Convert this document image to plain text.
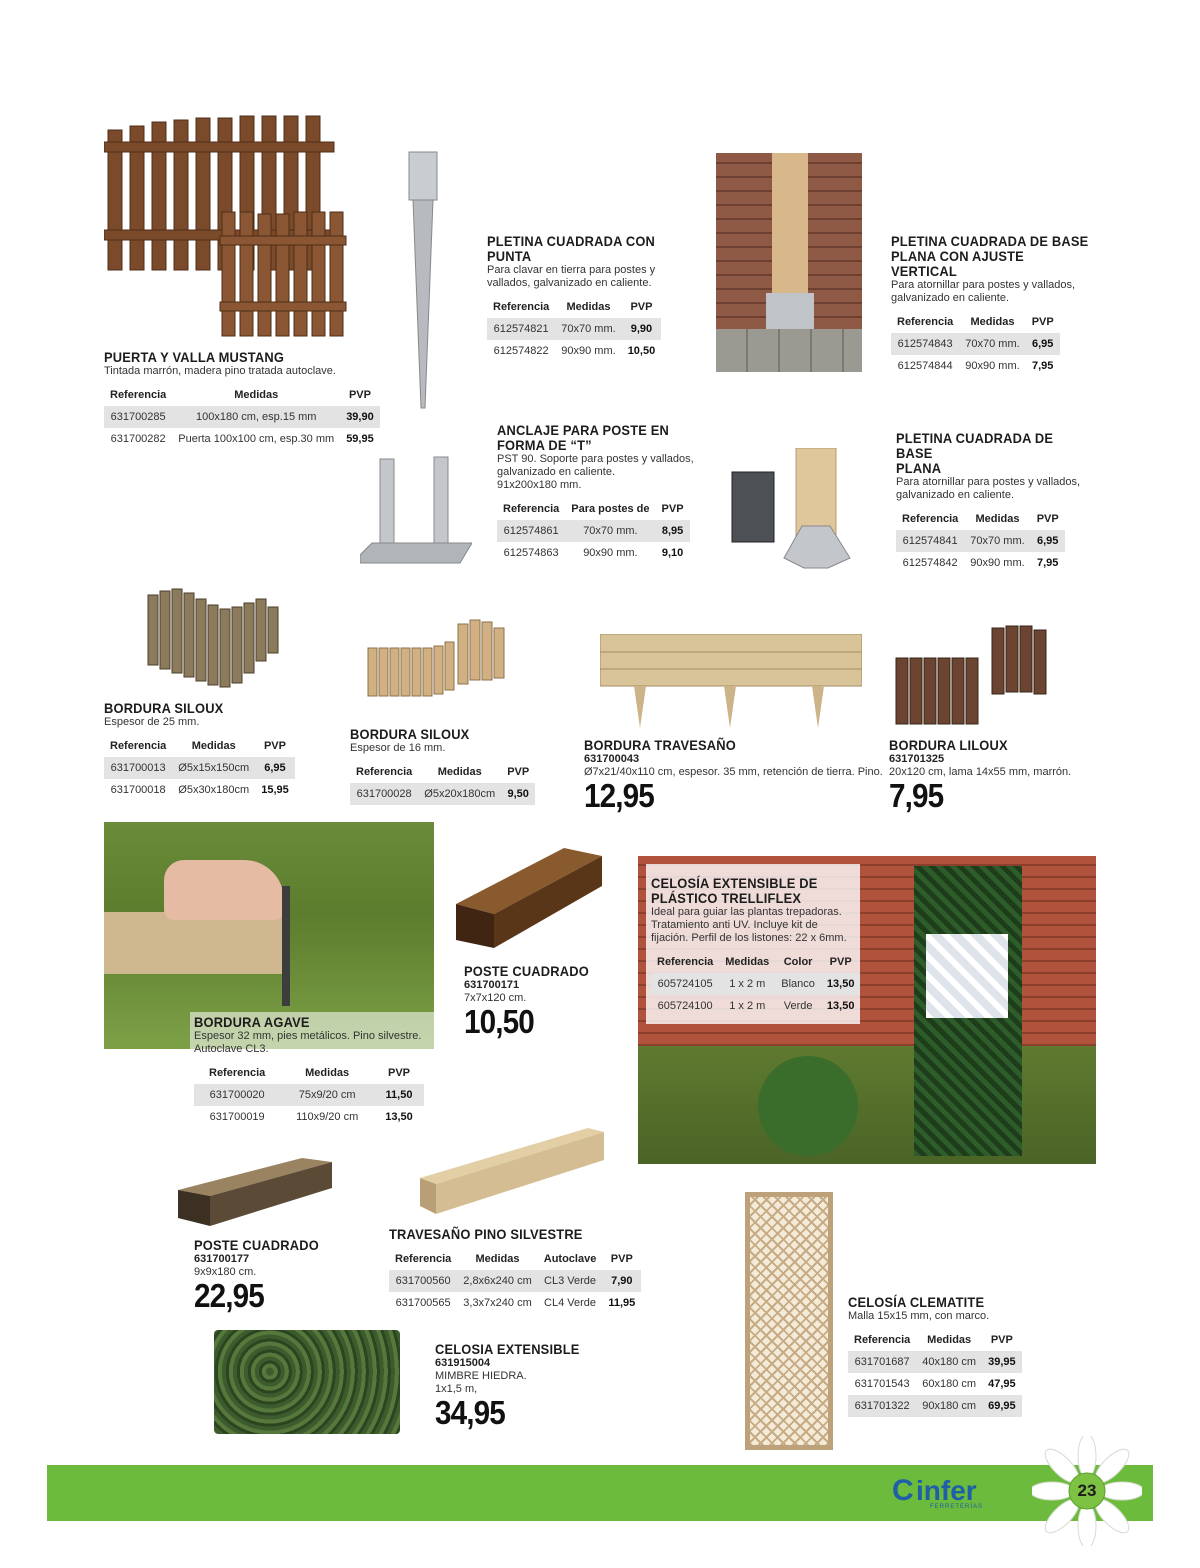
PUERTA Y VALLA MUSTANG
Tintada marrón, madera pino tratada autoclave.
Referencia	Medidas	PVP
631700285	100x180 cm, esp.15 mm	39,90
631700282	Puerta 100x100 cm, esp.30 mm	59,95
PLETINA CUADRADA CON
PUNTA
Para clavar en tierra para postes y
vallados, galvanizado en caliente.
Referencia	Medidas	PVP
612574821	70x70 mm.	9,90
612574822	90x90 mm.	10,50
PLETINA CUADRADA DE BASE
PLANA CON AJUSTE VERTICAL
Para atornillar para postes y vallados,
galvanizado en caliente.
Referencia	Medidas	PVP
612574843	70x70 mm.	6,95
612574844	90x90 mm.	7,95
ANCLAJE PARA POSTE EN
FORMA DE “T”
PST 90. Soporte para postes y vallados,
galvanizado en caliente.
91x200x180 mm.
Referencia	Para postes de	PVP
612574861	70x70 mm.	8,95
612574863	90x90 mm.	9,10
PLETINA CUADRADA DE BASE
PLANA
Para atornillar para postes y vallados,
galvanizado en caliente.
Referencia	Medidas	PVP
612574841	70x70 mm.	6,95
612574842	90x90 mm.	7,95
BORDURA SILOUX
Espesor de 25 mm.
Referencia	Medidas	PVP
631700013	Ø5x15x150cm	6,95
631700018	Ø5x30x180cm	15,95
BORDURA SILOUX
Espesor de 16 mm.
Referencia	Medidas	PVP
631700028	Ø5x20x180cm	9,50
BORDURA TRAVESAÑO
631700043
Ø7x21/40x110 cm, espesor. 35 mm, retención de tierra. Pino.
12,95
BORDURA LILOUX
631701325
20x120 cm, lama 14x55 mm, marrón.
7,95
BORDURA AGAVE
Espesor 32 mm, pies metálicos. Pino silvestre.
Autoclave CL3.
Referencia	Medidas	PVP
631700020	75x9/20 cm	11,50
631700019	110x9/20 cm	13,50
POSTE CUADRADO
631700171
7x7x120 cm.
10,50
CELOSÍA EXTENSIBLE DE
PLÁSTICO TRELLIFLEX
Ideal para guiar las plantas trepadoras.
Tratamiento anti UV. Incluye kit de
fijación. Perfil de los listones: 22 x 6mm.
Referencia	Medidas	Color	PVP
605724105	1 x 2 m	Blanco	13,50
605724100	1 x 2 m	Verde	13,50
POSTE CUADRADO
631700177
9x9x180 cm.
22,95
TRAVESAÑO PINO SILVESTRE
Referencia	Medidas	Autoclave	PVP
631700560	2,8x6x240 cm	CL3 Verde	7,90
631700565	3,3x7x240 cm	CL4 Verde	11,95
CELOSIA EXTENSIBLE
631915004
MIMBRE HIEDRA.
1x1,5 m,
34,95
CELOSÍA CLEMATITE
Malla 15x15 mm, con marco.
Referencia	Medidas	PVP
631701687	40x180 cm	39,95
631701543	60x180 cm	47,95
631701322	90x180 cm	69,95
C infer
FERRETERÍAS
23
